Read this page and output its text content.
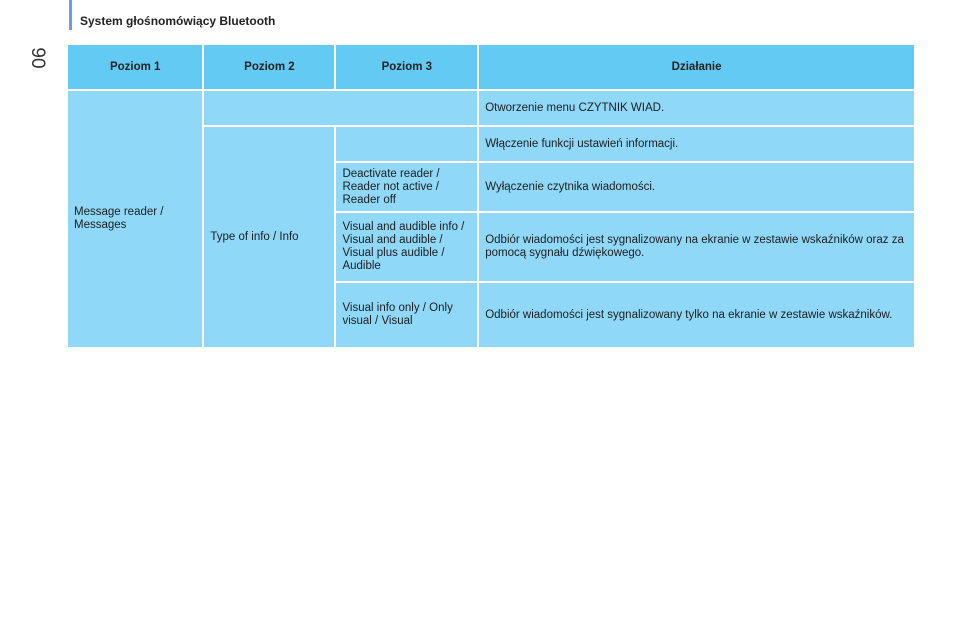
90
System głośnomówiący Bluetooth
Poziom 1	Poziom 2	Poziom 3	Działanie
Message reader / Messages			Otworzenie menu CZYTNIK WIAD.
	Type of info / Info		Włączenie funkcji ustawień informacji.
		Deactivate reader / Reader not active / Reader off	Wyłączenie czytnika wiadomości.
		Visual and audible info / Visual and audible / Visual plus audible / Audible	Odbiór wiadomości jest sygnalizowany na ekranie w zestawie wskaźników oraz za pomocą sygnału dźwiękowego.
		Visual info only / Only visual / Visual	Odbiór wiadomości jest sygnalizowany tylko na ekranie w zestawie wskaźników.
